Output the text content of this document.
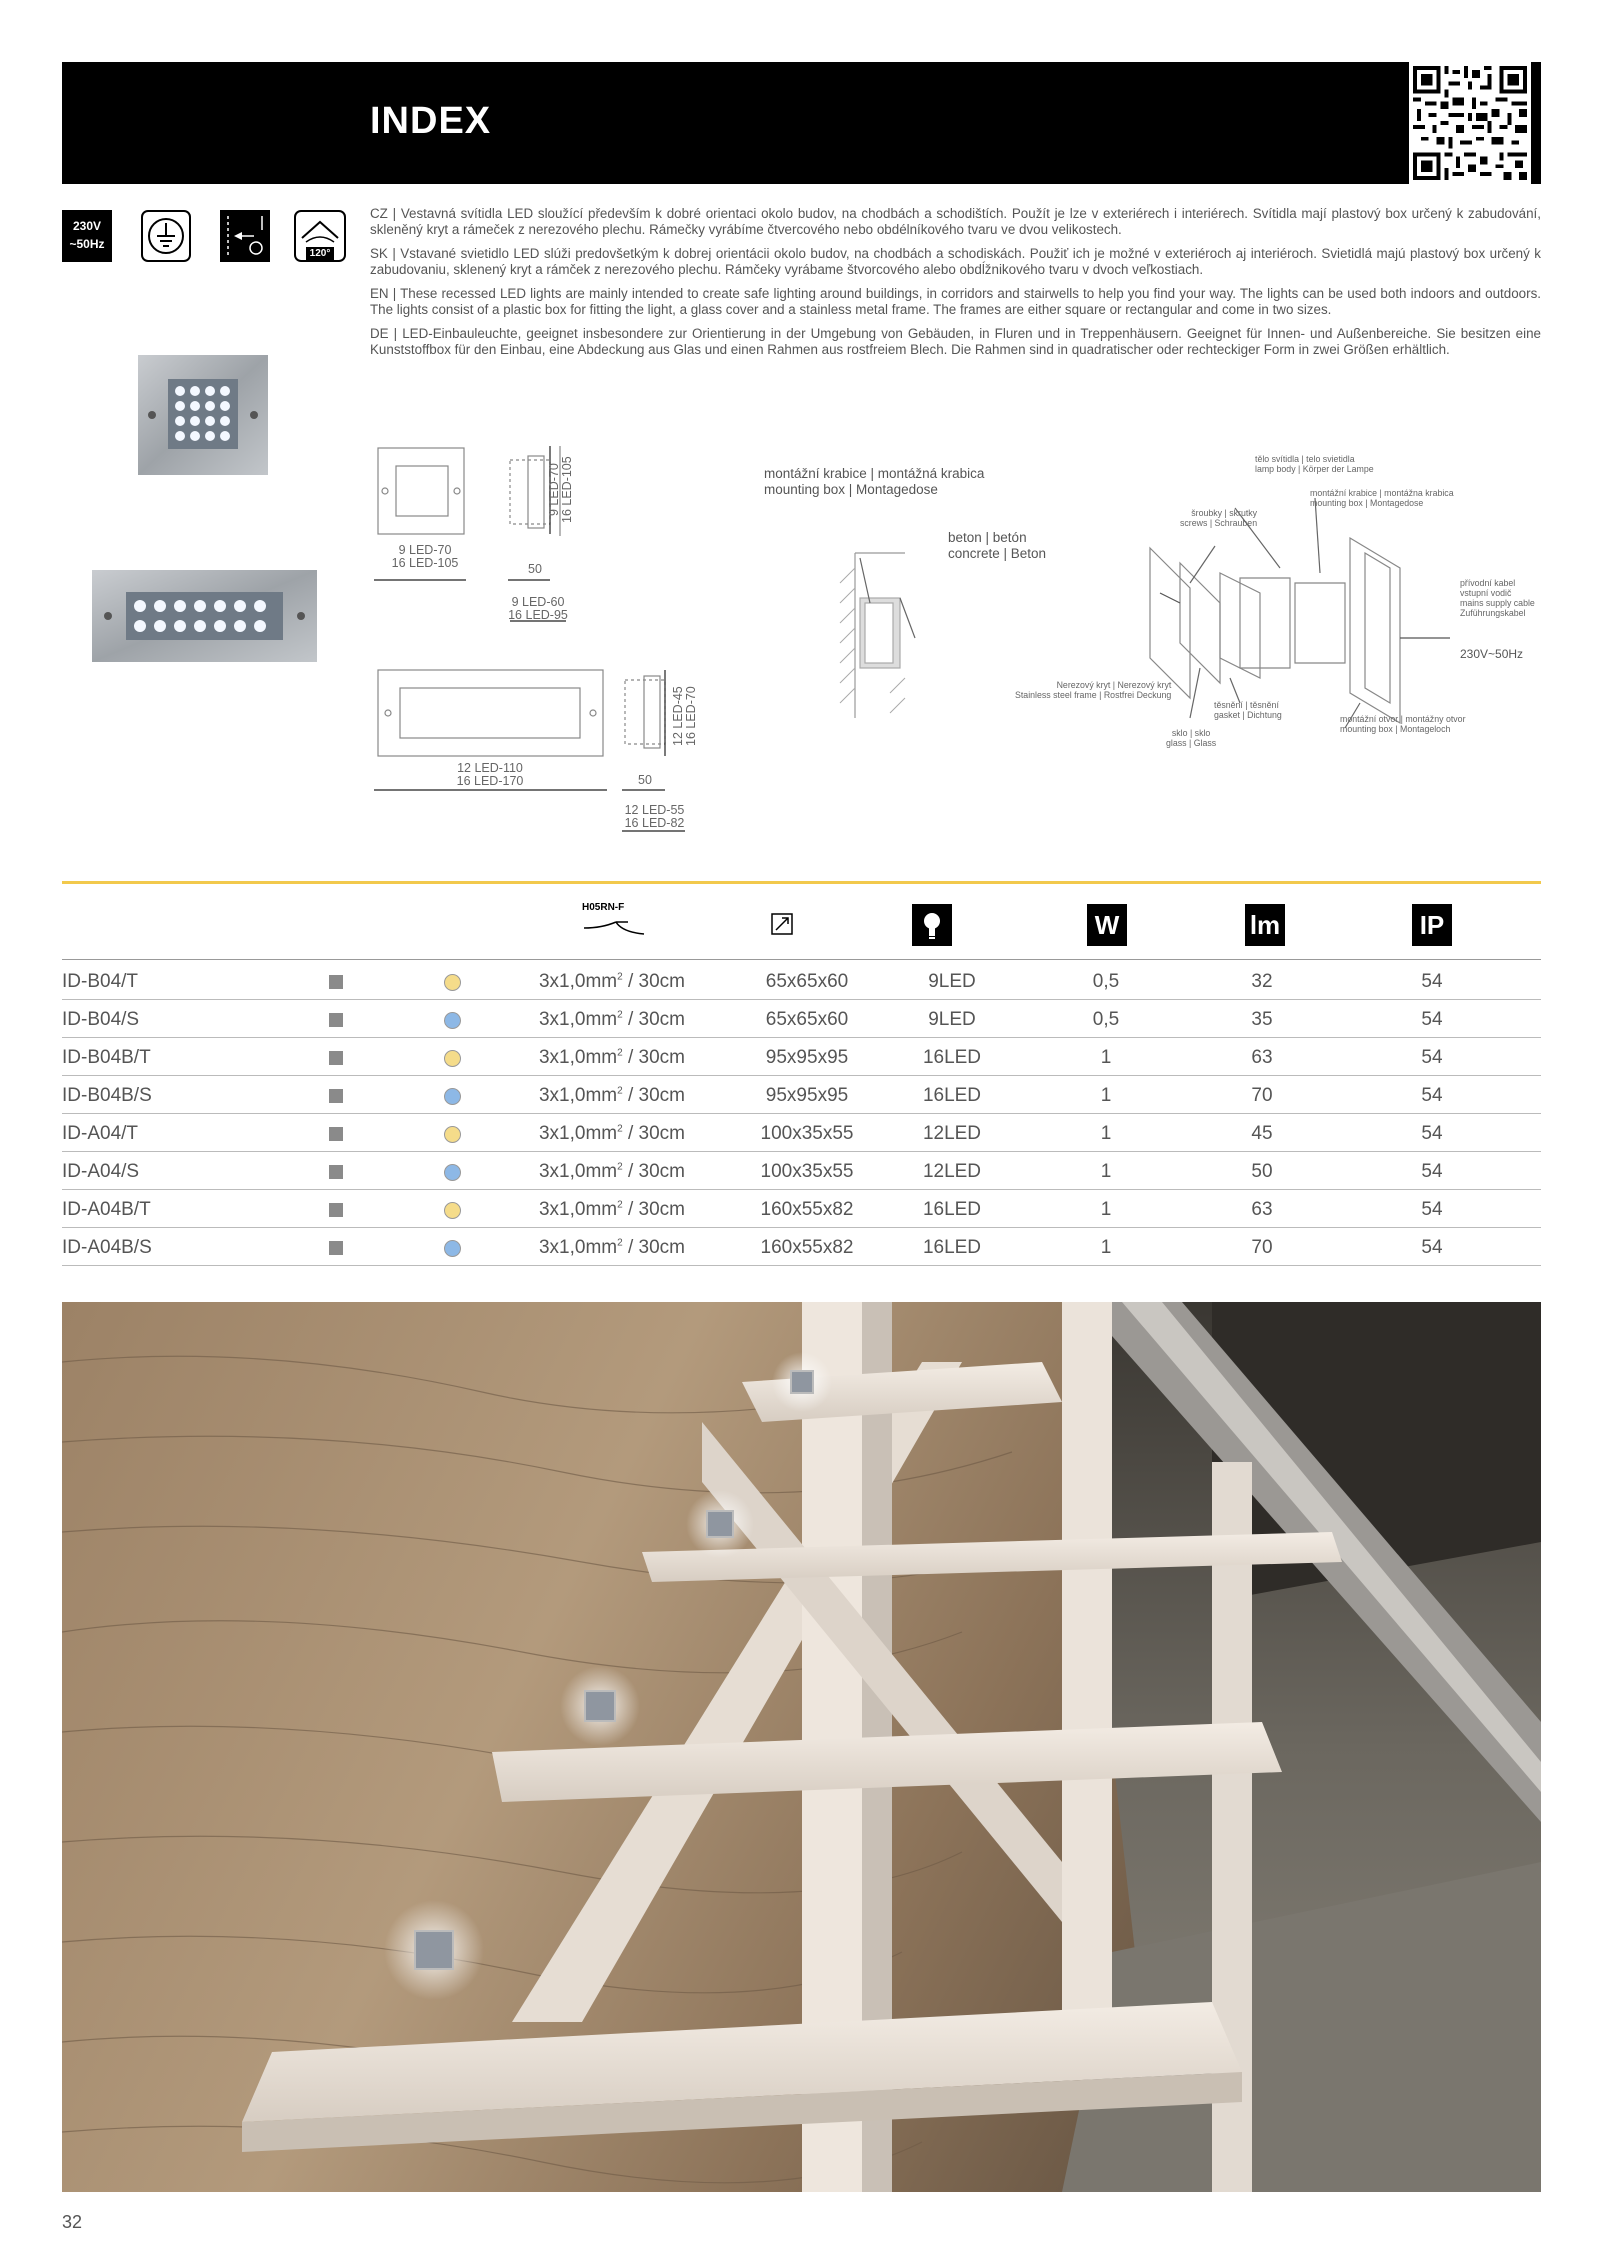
INDEX
230V
~50Hz
120°

CZ | Vestavná svítidla LED sloužící především k dobré orientaci okolo budov, na chodbách a schodištích. Použít je lze v exteriérech i interiérech. Svítidla mají plastový box určený k zabudování, skleněný kryt a rámeček z nerezového plechu. Rámečky vyrábíme čtvercového nebo obdélníkového tvaru ve dvou velikostech.

SK | Vstavané svietidlo LED slúži predovšetkým k dobrej orientácii okolo budov, na chodbách a schodiskách. Použiť ich je možné v exteriéroch aj interiéroch. Svietidlá majú plastový box určený k zabudovaniu, sklenený kryt a rámček z nerezového plechu. Rámčeky vyrábame štvorcového alebo obdĺžnikového tvaru v dvoch veľkostiach.

EN | These recessed LED lights are mainly intended to create safe lighting around buildings, in corridors and stairwells to help you find your way. The lights can be used both indoors and outdoors. The lights consist of a plastic box for fitting the light, a glass cover and a stainless metal frame. The frames are either square or rectangular and come in two sizes.

DE | LED-Einbauleuchte, geeignet insbesondere zur Orientierung in der Umgebung von Gebäuden, in Fluren und in Treppenhäusern. Geeignet für Innen- und Außenbereiche. Sie besitzen eine Kunststoffbox für den Einbau, eine Abdeckung aus Glas und einen Rahmen aus rostfreiem Blech. Die Rahmen sind in quadratischer oder rechteckiger Form in zwei Größen erhältlich.

9 LED-70
16 LED-105
9 LED-70
16 LED-105
50
9 LED-60
16 LED-95
12 LED-110
16 LED-170
12 LED-45
16 LED-70
50
12 LED-55
16 LED-82
montážní krabice | montážná krabica
mounting box | Montagedose
beton | betón
concrete | Beton
tělo svítidla | telo svietidla
lamp body | Körper der Lampe
šroubky | skrutky
screws | Schrauben
montážní krabice | montážna krabica
mounting box | Montagedose
přívodní kabel
vstupní vodič
mains supply cable
Zuführungskabel
230V~50Hz
Nerezový kryt | Nerezový kryt
Stainless steel frame | Rostfrei Deckung
těsnění | těsnění
gasket | Dichtung
sklo | sklo
glass | Glass
montážní otvor | montážny otvor
mounting box | Montageloch
H05RN-F
W	lm	IP
ID-B04/T	$3x1,0mm^2 / 30cm$	65x65x60	9LED	0,5	32	54
ID-B04/S	$3x1,0mm^2 / 30cm$	65x65x60	9LED	0,5	35	54
ID-B04B/T	$3x1,0mm^2 / 30cm$	95x95x95	16LED	1	63	54
ID-B04B/S	$3x1,0mm^2 / 30cm$	95x95x95	16LED	1	70	54
ID-A04/T	$3x1,0mm^2 / 30cm$	100x35x55	12LED	1	45	54
ID-A04/S	$3x1,0mm^2 / 30cm$	100x35x55	12LED	1	50	54
ID-A04B/T	$3x1,0mm^2 / 30cm$	160x55x82	16LED	1	63	54
ID-A04B/S	$3x1,0mm^2 / 30cm$	160x55x82	16LED	1	70	54
32
